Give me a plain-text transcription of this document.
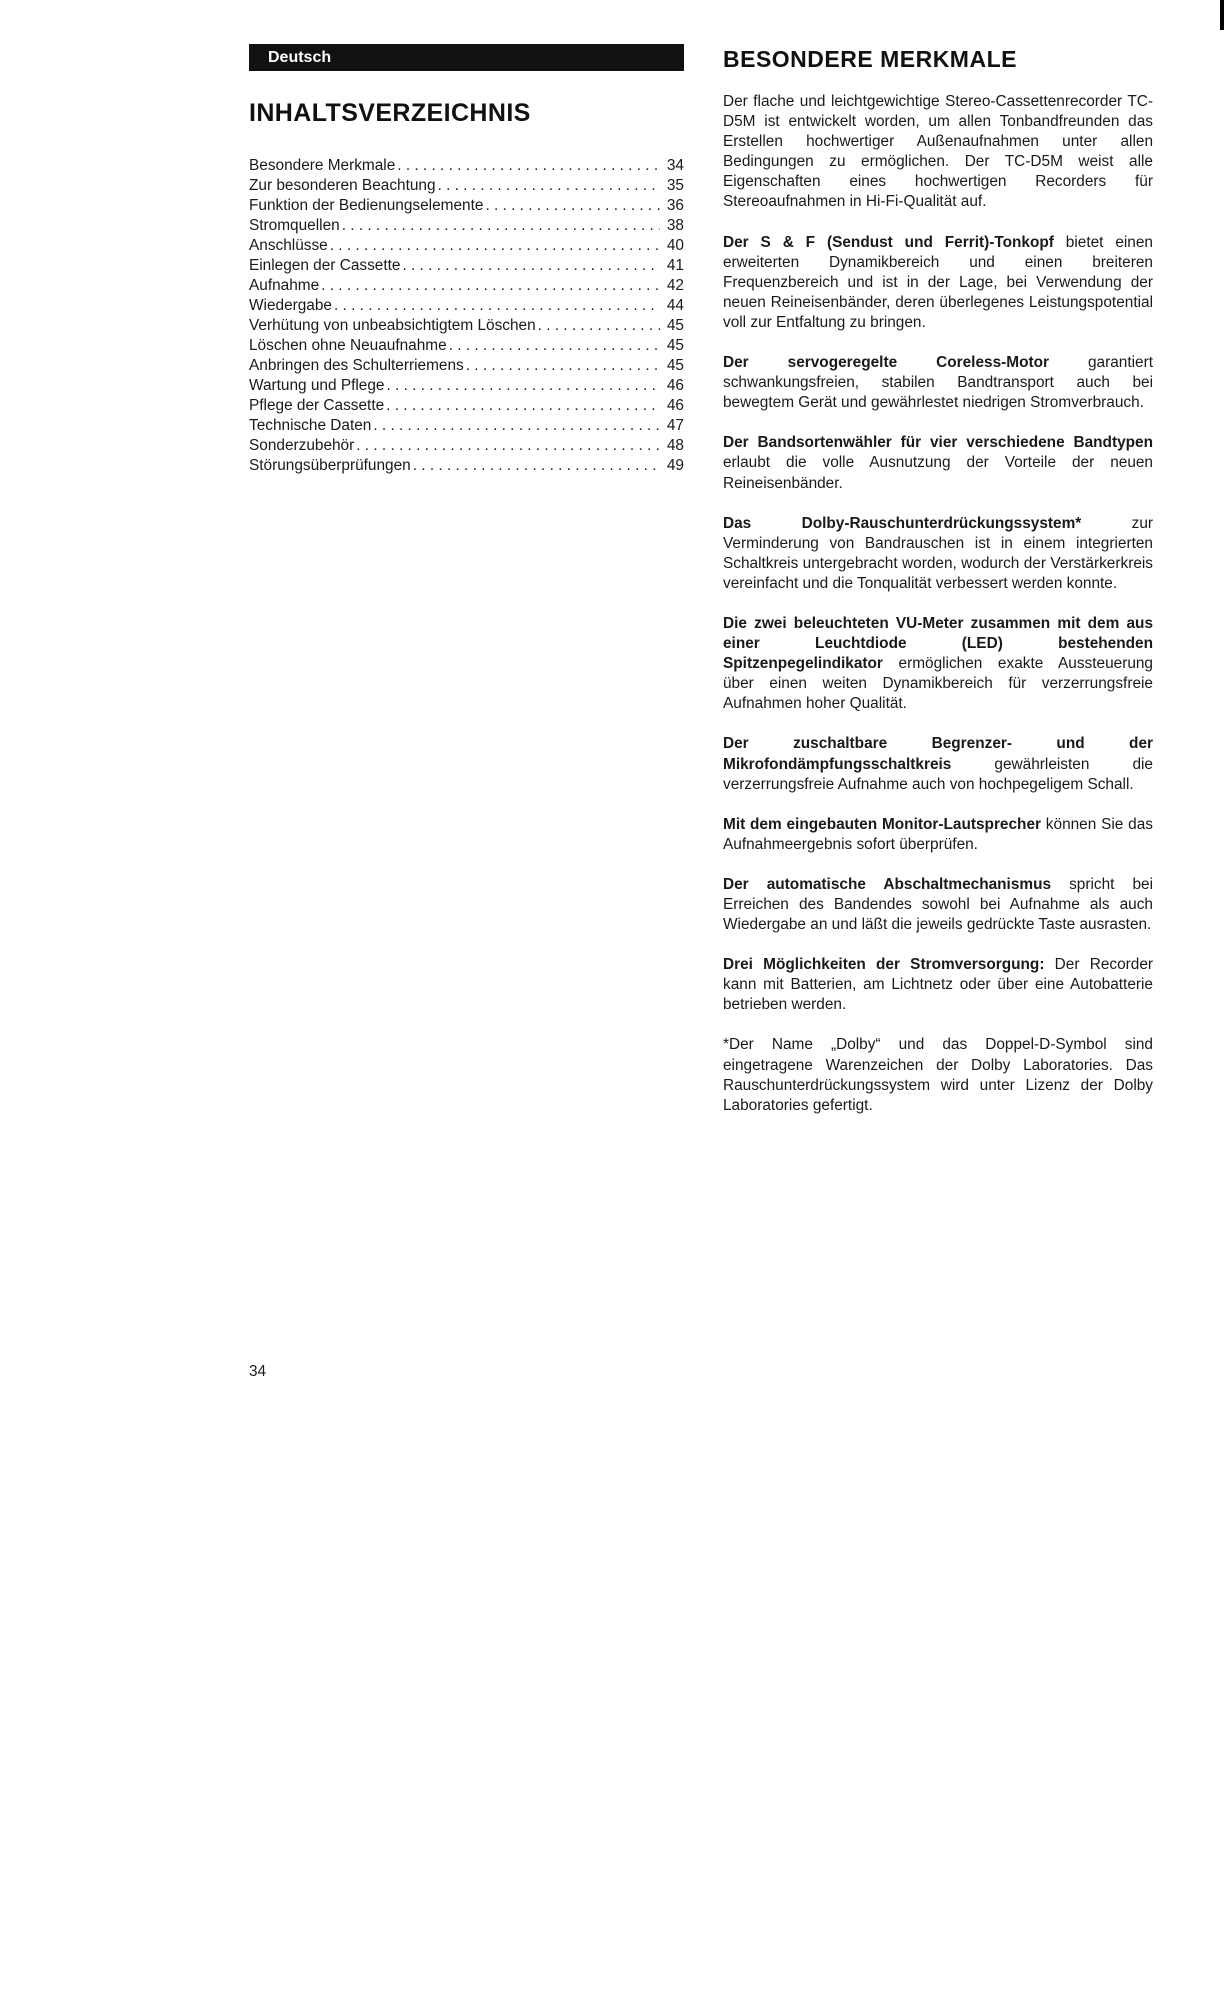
Deutsch
INHALTSVERZEICHNIS
Besondere Merkmale . . .	34
Zur besonderen Beachtung . . .	35
Funktion der Bedienungselemente . . .	36
Stromquellen . . .	38
Anschlüsse . . .	40
Einlegen der Cassette . . .	41
Aufnahme . . .	42
Wiedergabe . . .	44
Verhütung von unbeabsichtigtem Löschen . . .	45
Löschen ohne Neuaufnahme . . .	45
Anbringen des Schulterriemens . . .	45
Wartung und Pflege . . .	46
Pflege der Cassette . . .	46
Technische Daten . . .	47
Sonderzubehör . . .	48
Störungsüberprüfungen . . .	49
BESONDERE MERKMALE

Der flache und leichtgewichtige Stereo-Cassettenrecorder TC-D5M ist entwickelt worden, um allen Tonbandfreunden das Erstellen hochwertiger Außenaufnahmen unter allen Bedingungen zu ermöglichen. Der TC-D5M weist alle Eigenschaften eines hochwertigen Recorders für Stereoaufnahmen in Hi-Fi-Qualität auf.

Der S & F (Sendust und Ferrit)-Tonkopf bietet einen erweiterten Dynamikbereich und einen breiteren Frequenzbereich und ist in der Lage, bei Verwendung der neuen Reineisenbänder, deren überlegenes Leistungspotential voll zur Entfaltung zu bringen.

Der servogeregelte Coreless-Motor garantiert schwankungsfreien, stabilen Bandtransport auch bei bewegtem Gerät und gewährlestet niedrigen Stromverbrauch.

Der Bandsortenwähler für vier verschiedene Bandtypen erlaubt die volle Ausnutzung der Vorteile der neuen Reineisenbänder.

Das Dolby-Rauschunterdrückungssystem* zur Verminderung von Bandrauschen ist in einem integrierten Schaltkreis untergebracht worden, wodurch der Verstärkerkreis vereinfacht und die Tonqualität verbessert werden konnte.

Die zwei beleuchteten VU-Meter zusammen mit dem aus einer Leuchtdiode (LED) bestehenden Spitzenpegelindikator ermöglichen exakte Aussteuerung über einen weiten Dynamikbereich für verzerrungsfreie Aufnahmen hoher Qualität.

Der zuschaltbare Begrenzer- und der Mikrofondämpfungsschaltkreis gewährleisten die verzerrungsfreie Aufnahme auch von hochpegeligem Schall.

Mit dem eingebauten Monitor-Lautsprecher können Sie das Aufnahmeergebnis sofort überprüfen.

Der automatische Abschaltmechanismus spricht bei Erreichen des Bandendes sowohl bei Aufnahme als auch Wiedergabe an und läßt die jeweils gedrückte Taste ausrasten.

Drei Möglichkeiten der Stromversorgung: Der Recorder kann mit Batterien, am Lichtnetz oder über eine Autobatterie betrieben werden.

*Der Name „Dolby“ und das Doppel-D-Symbol sind eingetragene Warenzeichen der Dolby Laboratories. Das Rauschunterdrückungssystem wird unter Lizenz der Dolby Laboratories gefertigt.

34
